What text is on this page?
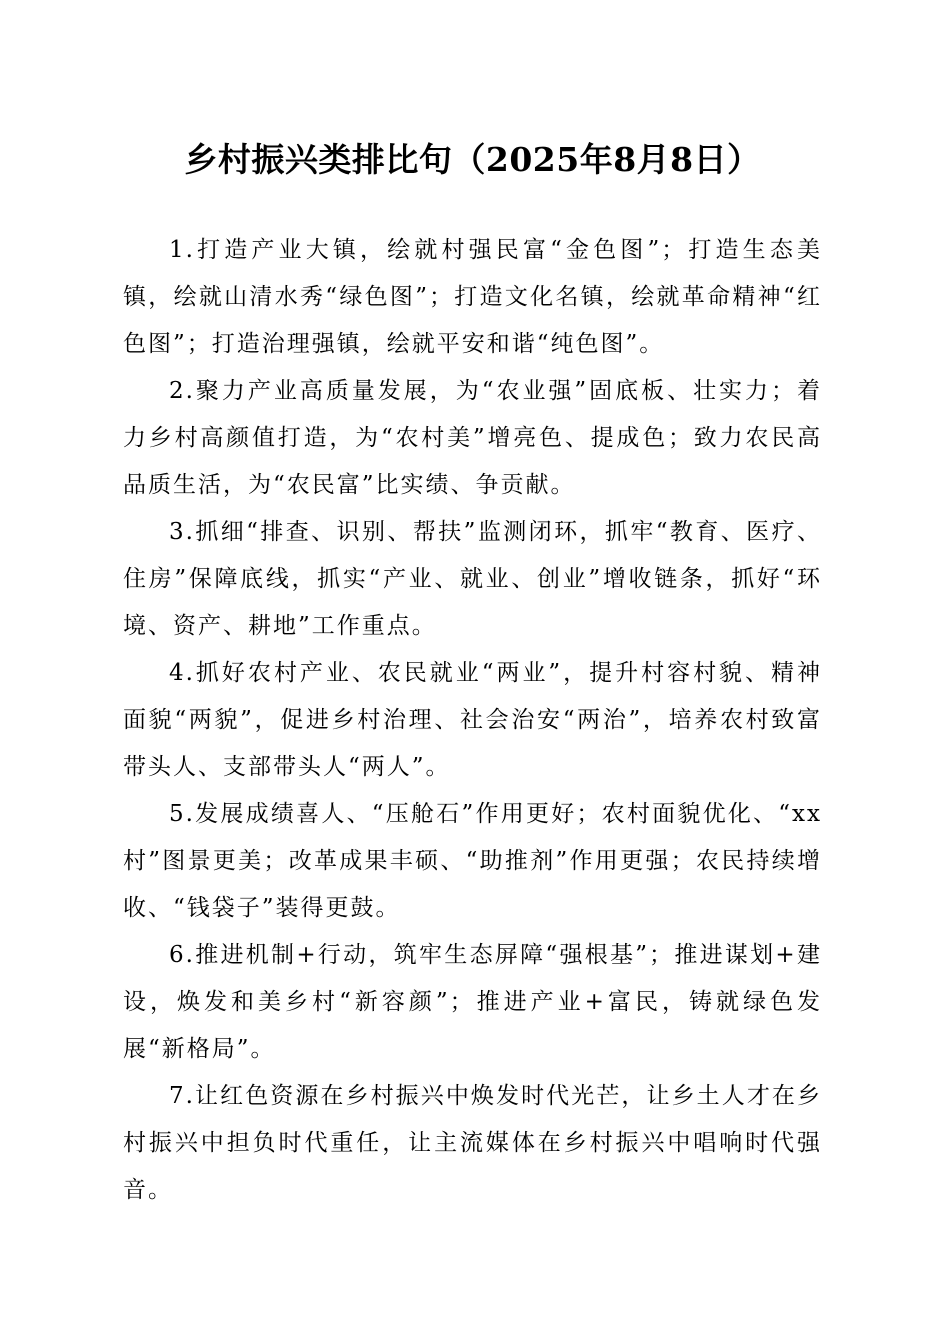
乡村振兴类排比句（2025年8月8日）

1.打造产业大镇，绘就村强民富“金色图”；打造生态美镇，绘就山清水秀“绿色图”；打造文化名镇，绘就革命精神“红色图”；打造治理强镇，绘就平安和谐“纯色图”。

2.聚力产业高质量发展，为“农业强”固底板、壮实力；着力乡村高颜值打造，为“农村美”增亮色、提成色；致力农民高品质生活，为“农民富”比实绩、争贡献。

3.抓细“排查、识别、帮扶”监测闭环，抓牢“教育、医疗、住房”保障底线，抓实“产业、就业、创业”增收链条，抓好“环境、资产、耕地”工作重点。

4.抓好农村产业、农民就业“两业”，提升村容村貌、精神面貌“两貌”，促进乡村治理、社会治安“两治”，培养农村致富带头人、支部带头人“两人”。

5.发展成绩喜人、“压舱石”作用更好；农村面貌优化、“xx村”图景更美；改革成果丰硕、“助推剂”作用更强；农民持续增收、“钱袋子”装得更鼓。

6.推进机制+行动，筑牢生态屏障“强根基”；推进谋划+建设，焕发和美乡村“新容颜”；推进产业+富民，铸就绿色发展“新格局”。

7.让红色资源在乡村振兴中焕发时代光芒，让乡土人才在乡村振兴中担负时代重任，让主流媒体在乡村振兴中唱响时代强音。
